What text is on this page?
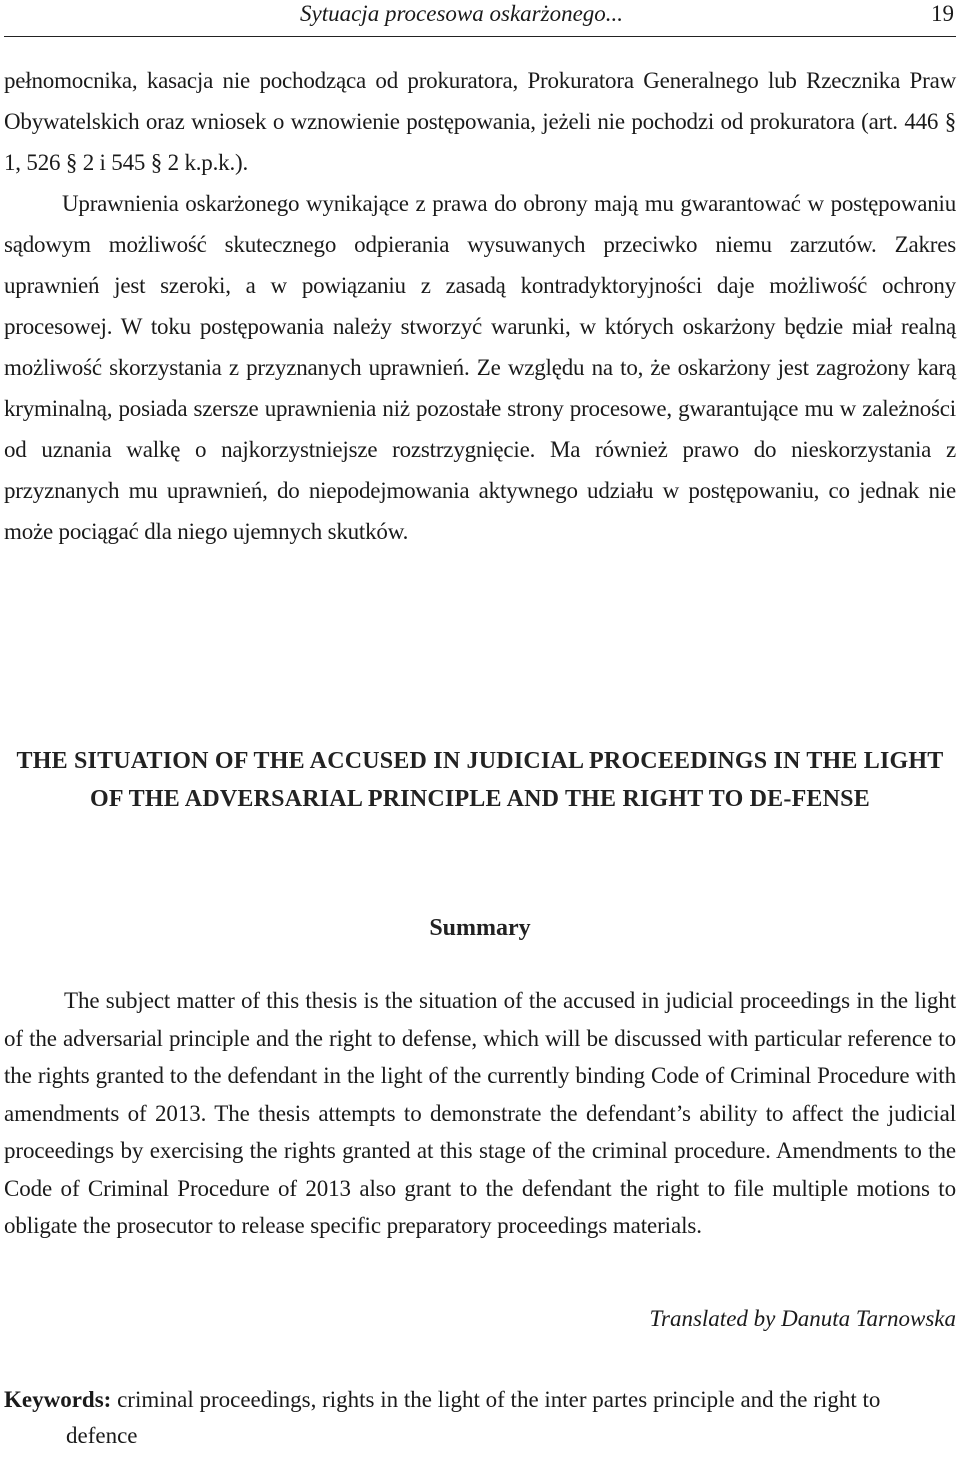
Sytuacja procesowa oskarżonego...	19

pełnomocnika, kasacja nie pochodząca od prokuratora, Prokuratora Generalnego lub Rzecznika Praw Obywatelskich oraz wniosek o wznowienie postępowania, jeżeli nie pochodzi od prokuratora (art. 446 § 1, 526 § 2 i 545 § 2 k.p.k.).

Uprawnienia oskarżonego wynikające z prawa do obrony mają mu gwarantować w postępowaniu sądowym możliwość skutecznego odpierania wysuwanych przeciwko niemu zarzutów. Zakres uprawnień jest szeroki, a w powiązaniu z zasadą kontradyktoryjności daje możliwość ochrony procesowej. W toku postępowania należy stworzyć warunki, w których oskarżony będzie miał realną możliwość skorzystania z przyznanych uprawnień. Ze względu na to, że oskarżony jest zagrożony karą kryminalną, posiada szersze uprawnienia niż pozostałe strony procesowe, gwarantujące mu w zależności od uznania walkę o najkorzystniejsze rozstrzygnięcie. Ma również prawo do nieskorzystania z przyznanych mu uprawnień, do niepodejmowania aktywnego udziału w postępowaniu, co jednak nie może pociągać dla niego ujemnych skutków.

THE SITUATION OF THE ACCUSED IN JUDICIAL PROCEEDINGS IN THE LIGHT OF THE ADVERSARIAL PRINCIPLE AND THE RIGHT TO DE-FENSE
Summary

The subject matter of this thesis is the situation of the accused in judicial proceedings in the light of the adversarial principle and the right to defense, which will be discussed with particular reference to the rights granted to the defendant in the light of the currently binding Code of Criminal Procedure with amendments of 2013. The thesis attempts to demonstrate the defendant’s ability to affect the judicial proceedings by exercising the rights granted at this stage of the criminal procedure. Amendments to the Code of Criminal Procedure of 2013 also grant to the defendant the right to file multiple motions to obligate the prosecutor to release specific preparatory proceedings materials.

Translated by Danuta Tarnowska

Keywords: criminal proceedings, rights in the light of the inter partes principle and the right to defence
